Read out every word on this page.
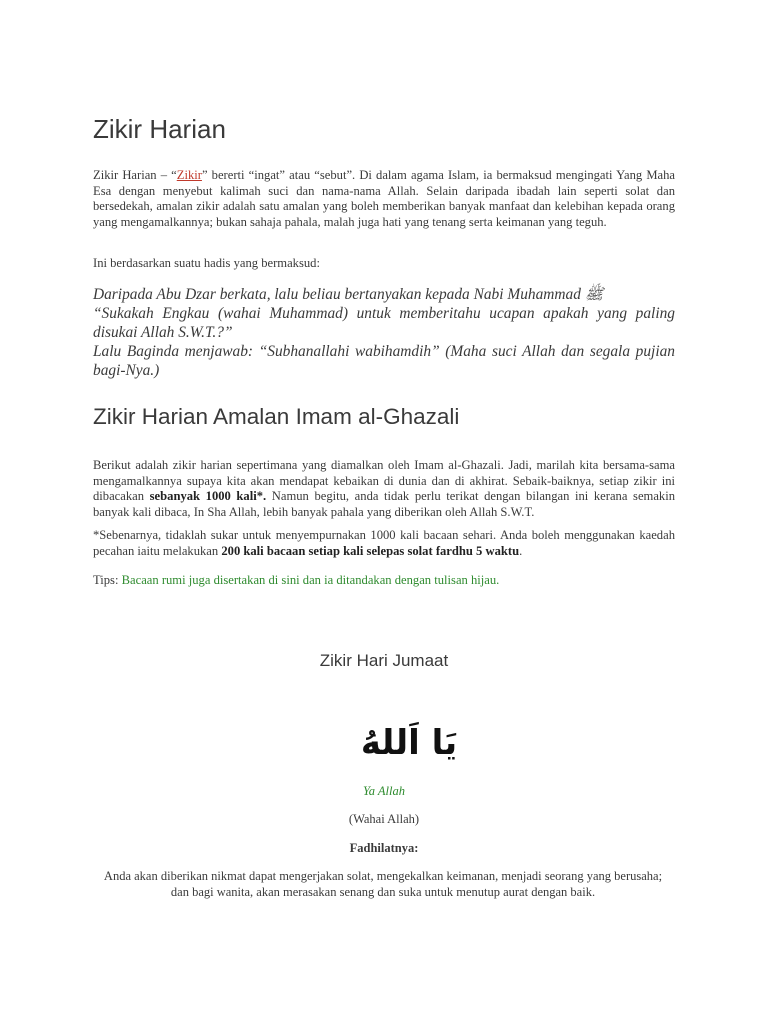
Zikir Harian
Zikir Harian – “Zikir” bererti “ingat” atau “sebut”. Di dalam agama Islam, ia bermaksud mengingati Yang Maha Esa dengan menyebut kalimah suci dan nama-nama Allah. Selain daripada ibadah lain seperti solat dan bersedekah, amalan zikir adalah satu amalan yang boleh memberikan banyak manfaat dan kelebihan kepada orang yang mengamalkannya; bukan sahaja pahala, malah juga hati yang tenang serta keimanan yang teguh.
Ini berdasarkan suatu hadis yang bermaksud:
Daripada Abu Dzar berkata, lalu beliau bertanyakan kepada Nabi Muhammad ﷺ
“Sukakah Engkau (wahai Muhammad) untuk memberitahu ucapan apakah yang paling disukai Allah S.W.T.?”
Lalu Baginda menjawab: “Subhanallahi wabihamdih” (Maha suci Allah dan segala pujian bagi-Nya.)
Zikir Harian Amalan Imam al-Ghazali
Berikut adalah zikir harian sepertimana yang diamalkan oleh Imam al-Ghazali. Jadi, marilah kita bersama-sama mengamalkannya supaya kita akan mendapat kebaikan di dunia dan di akhirat. Sebaik-baiknya, setiap zikir ini dibacakan sebanyak 1000 kali*. Namun begitu, anda tidak perlu terikat dengan bilangan ini kerana semakin banyak kali dibaca, In Sha Allah, lebih banyak pahala yang diberikan oleh Allah S.W.T.
*Sebenarnya, tidaklah sukar untuk menyempurnakan 1000 kali bacaan sehari. Anda boleh menggunakan kaedah pecahan iaitu melakukan 200 kali bacaan setiap kali selepas solat fardhu 5 waktu.
Tips: Bacaan rumi juga disertakan di sini dan ia ditandakan dengan tulisan hijau.
Zikir Hari Jumaat
يَا اَللهُ
Ya Allah
(Wahai Allah)
Fadhilatnya:
Anda akan diberikan nikmat dapat mengerjakan solat, mengekalkan keimanan, menjadi seorang yang berusaha; dan bagi wanita, akan merasakan senang dan suka untuk menutup aurat dengan baik.
